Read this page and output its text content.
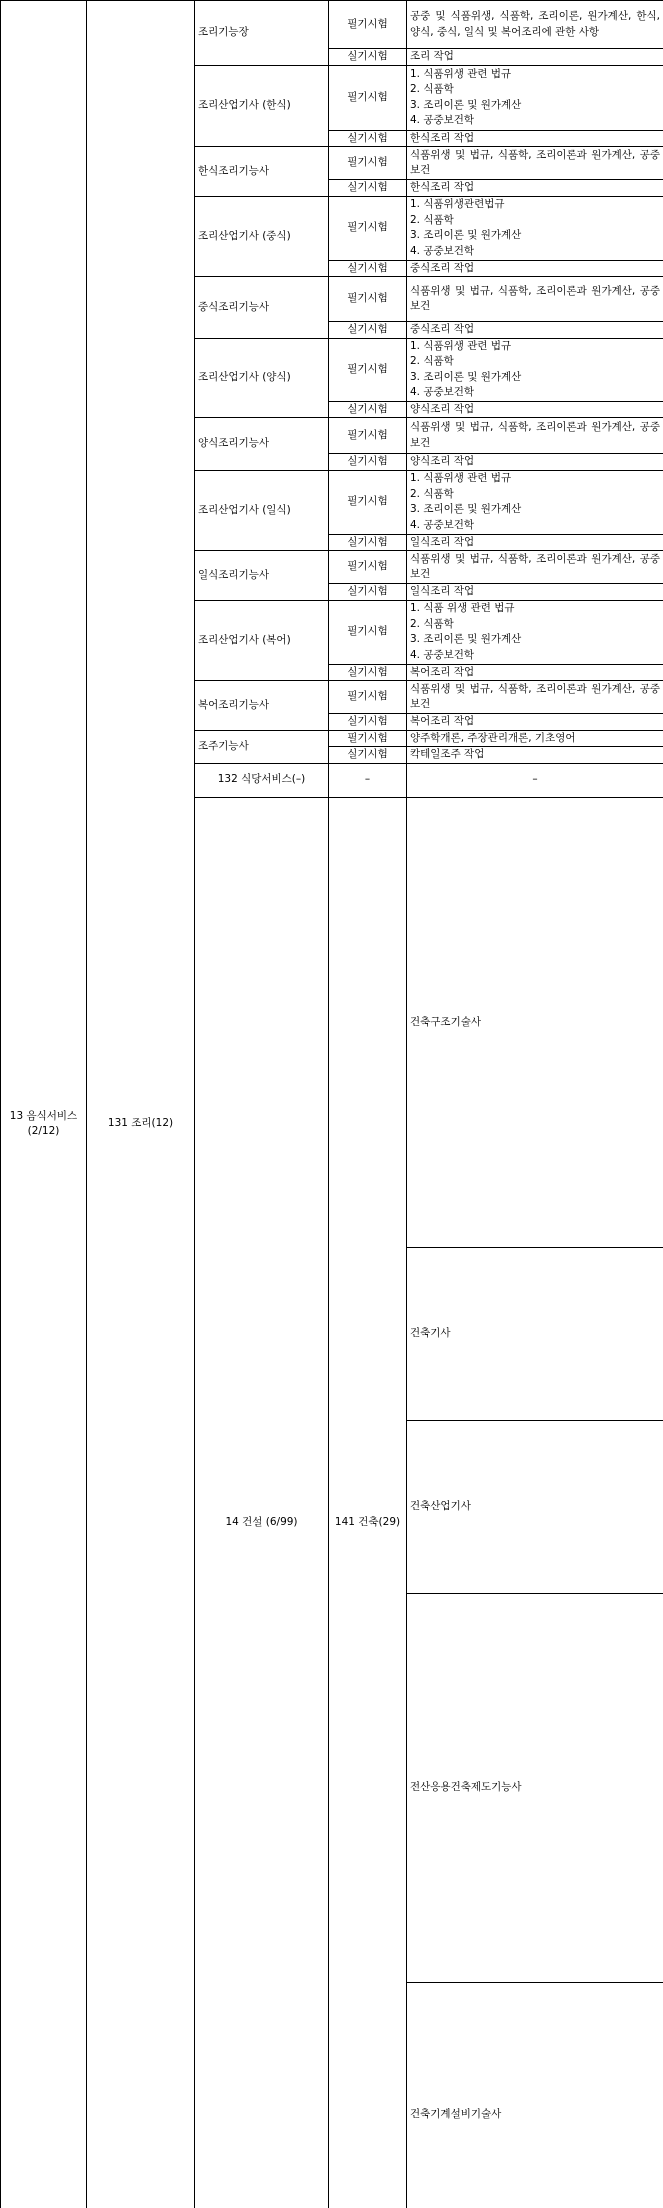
13 음식서비스 (2/12)	131 조리(12)	조리기능장	필기시험	공중 및 식품위생, 식품학, 조리이론, 원가계산, 한식, 양식, 중식, 일식 및 복어조리에 관한 사항	
			실기시험	조리 작업	
		조리산업기사 (한식)	필기시험	1. 식품위생 관련 법규
2. 식품학
3. 조리이론 및 원가계산
4. 공중보건학	

			실기시험	한식조리 작업	
		한식조리기능사	필기시험	식품위생 및 법규, 식품학, 조리이론과 원가계산, 공중보건	
			실기시험	한식조리 작업	
		조리산업기사 (중식)	필기시험	1. 식품위생관련법규
2. 식품학
3. 조리이론 및 원가계산
4. 공중보건학	

			실기시험	중식조리 작업	
		중식조리기능사	필기시험	식품위생 및 법규, 식품학, 조리이론과 원가계산, 공중보건	
			실기시험	중식조리 작업	
		조리산업기사 (양식)	필기시험	1. 식품위생 관련 법규
2. 식품학
3. 조리이론 및 원가계산
4. 공중보건학	

			실기시험	양식조리 작업	
		양식조리기능사	필기시험	식품위생 및 법규, 식품학, 조리이론과 원가계산, 공중보건	
			실기시험	양식조리 작업	
		조리산업기사 (일식)	필기시험	1. 식품위생 관련 법규
2. 식품학
3. 조리이론 및 원가계산
4. 공중보건학	

			실기시험	일식조리 작업	
		일식조리기능사	필기시험	식품위생 및 법규, 식품학, 조리이론과 원가계산, 공중보건	
			실기시험	일식조리 작업	
		조리산업기사 (복어)	필기시험	1. 식품 위생 관련 법규
2. 식품학
3. 조리이론 및 원가계산
4. 공중보건학	

			실기시험	복어조리 작업	
		복어조리기능사	필기시험	식품위생 및 법규, 식품학, 조리이론과 원가계산, 공중보건	
			실기시험	복어조리 작업	
		조주기능사	필기시험	양주학개론, 주장관리개론, 기초영어	
			실기시험	칵테일조주 작업	
		132 식당서비스(–)	–	–	
		14 건설 (6/99)	141 건축(29)	건축구조기술사		
				건축기사		

				건축산업기사		

				전산응용건축제도기능사		

				건축기계설비기술사		
